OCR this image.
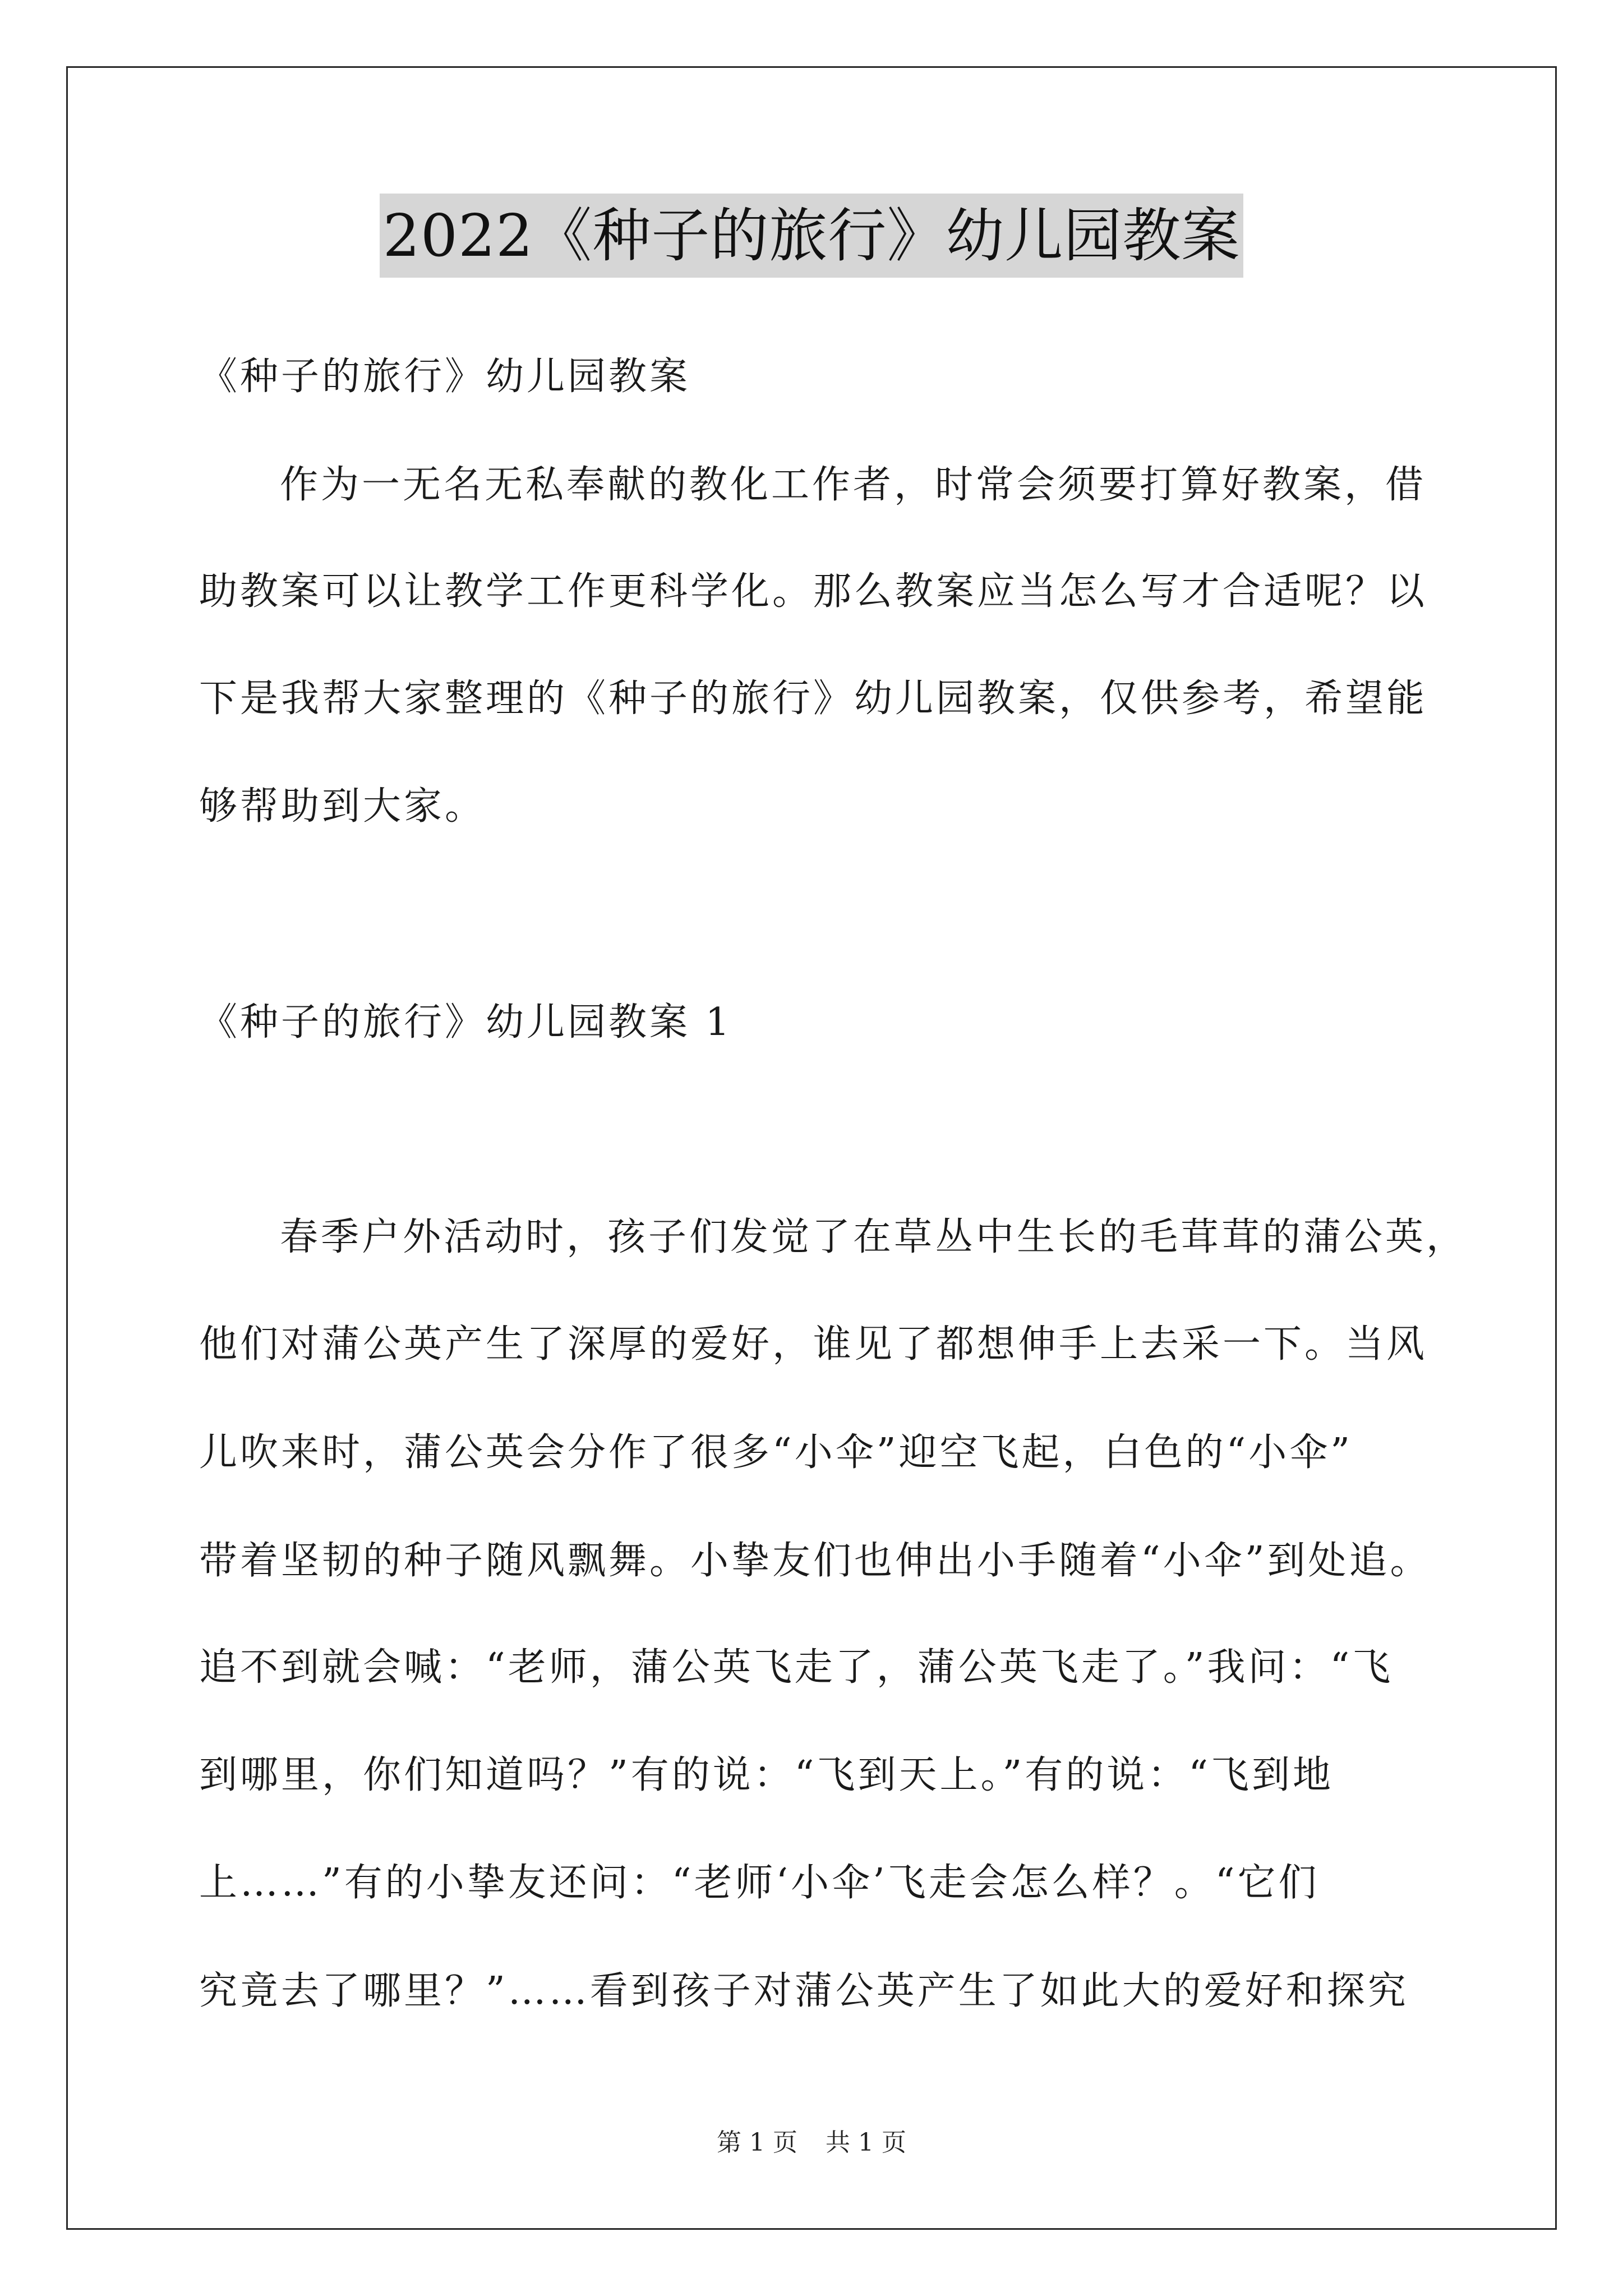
2022《种子的旅行》幼儿园教案
《种子的旅行》幼儿园教案
作为一无名无私奉献的教化工作者，时常会须要打算好教案，借
助教案可以让教学工作更科学化。那么教案应当怎么写才合适呢？以
下是我帮大家整理的《种子的旅行》幼儿园教案，仅供参考，希望能
够帮助到大家。
《种子的旅行》幼儿园教案 1
春季户外活动时，孩子们发觉了在草丛中生长的毛茸茸的蒲公英，
他们对蒲公英产生了深厚的爱好，谁见了都想伸手上去采一下。当风
儿吹来时，蒲公英会分作了很多“小伞”迎空飞起，白色的“小伞”
带着坚韧的种子随风飘舞。小挚友们也伸出小手随着“小伞”到处追。
追不到就会喊：“老师，蒲公英飞走了，蒲公英飞走了。”我问：“飞
到哪里，你们知道吗？”有的说：“飞到天上。”有的说：“飞到地
上……”有的小挚友还问：“老师‘小伞’飞走会怎么样？。“它们
究竟去了哪里？”……看到孩子对蒲公英产生了如此大的爱好和探究
第 1 页 共 1 页
